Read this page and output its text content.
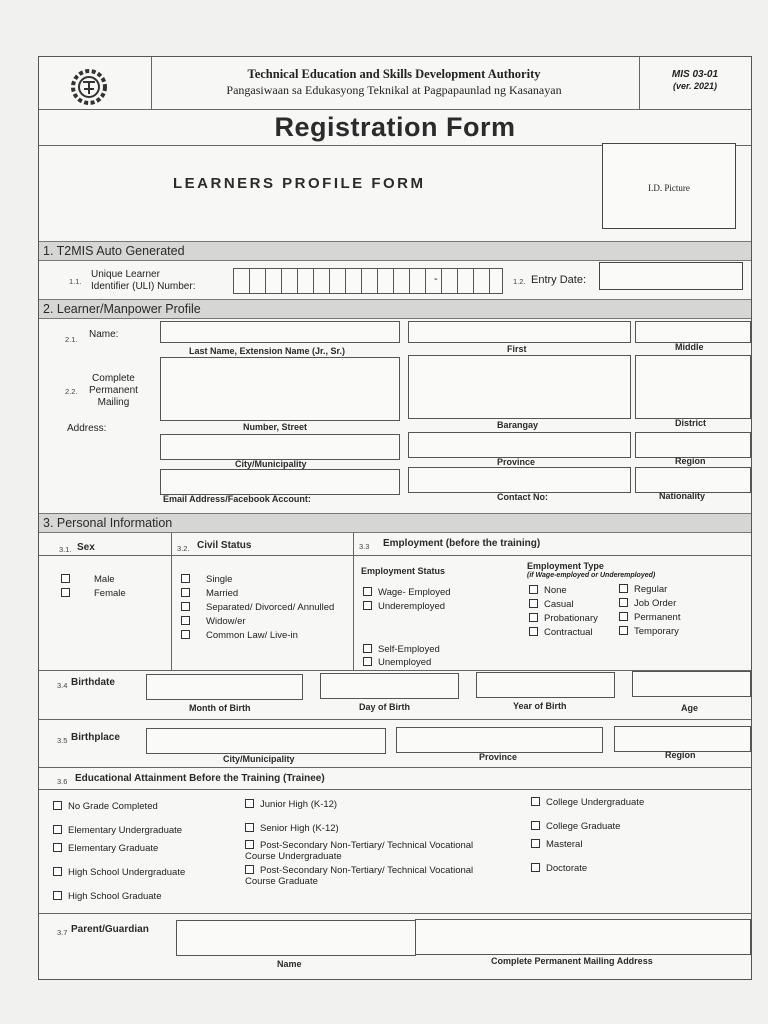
Technical Education and Skills Development Authority
Pangasiwaan sa Edukasyong Teknikal at Pagpapaunlad ng Kasanayan
MIS 03-01
(ver. 2021)
Registration Form
LEARNERS PROFILE FORM	I.D. Picture
1. T2MIS Auto Generated
1.1.
Unique Learner
Identifier (ULI) Number:
-	1.2. Entry Date:
2. Learner/Manpower Profile
2.1. Name:
Last Name, Extension Name (Jr., Sr.)	First	Middle
2.2.
Complete
Permanent
Mailing
Address:	Number, Street	Barangay	District
City/Municipality	Province	Region
Email Address/Facebook Account:	Contact No:	Nationality
3. Personal Information
3.1. Sex	3.2. Civil Status	3.3 Employment (before the training)
Male
Female
Single
Married
Separated/ Divorced/ Annulled
Widow/er
Common Law/ Live-in
Employment Status
Wage- Employed
Underemployed
Self-Employed
Unemployed
Employment Type
(if Wage-employed or Underemployed)
None
Casual
Probationary
Contractual
Regular
Job Order
Permanent
Temporary
3.4 Birthdate
Month of Birth	Day of Birth	Year of Birth	Age
3.5 Birthplace
City/Municipality	Province	Region
3.6 Educational Attainment Before the Training (Trainee)
No Grade Completed
Elementary Undergraduate
Elementary Graduate
High School Undergraduate
High School Graduate
Junior High (K-12)
Senior High (K-12)
Post-Secondary Non-Tertiary/ Technical Vocational Course Undergraduate
Post-Secondary Non-Tertiary/ Technical Vocational Course Graduate
College Undergraduate
College Graduate
Masteral
Doctorate
3.7 Parent/Guardian
Name	Complete Permanent Mailing Address
